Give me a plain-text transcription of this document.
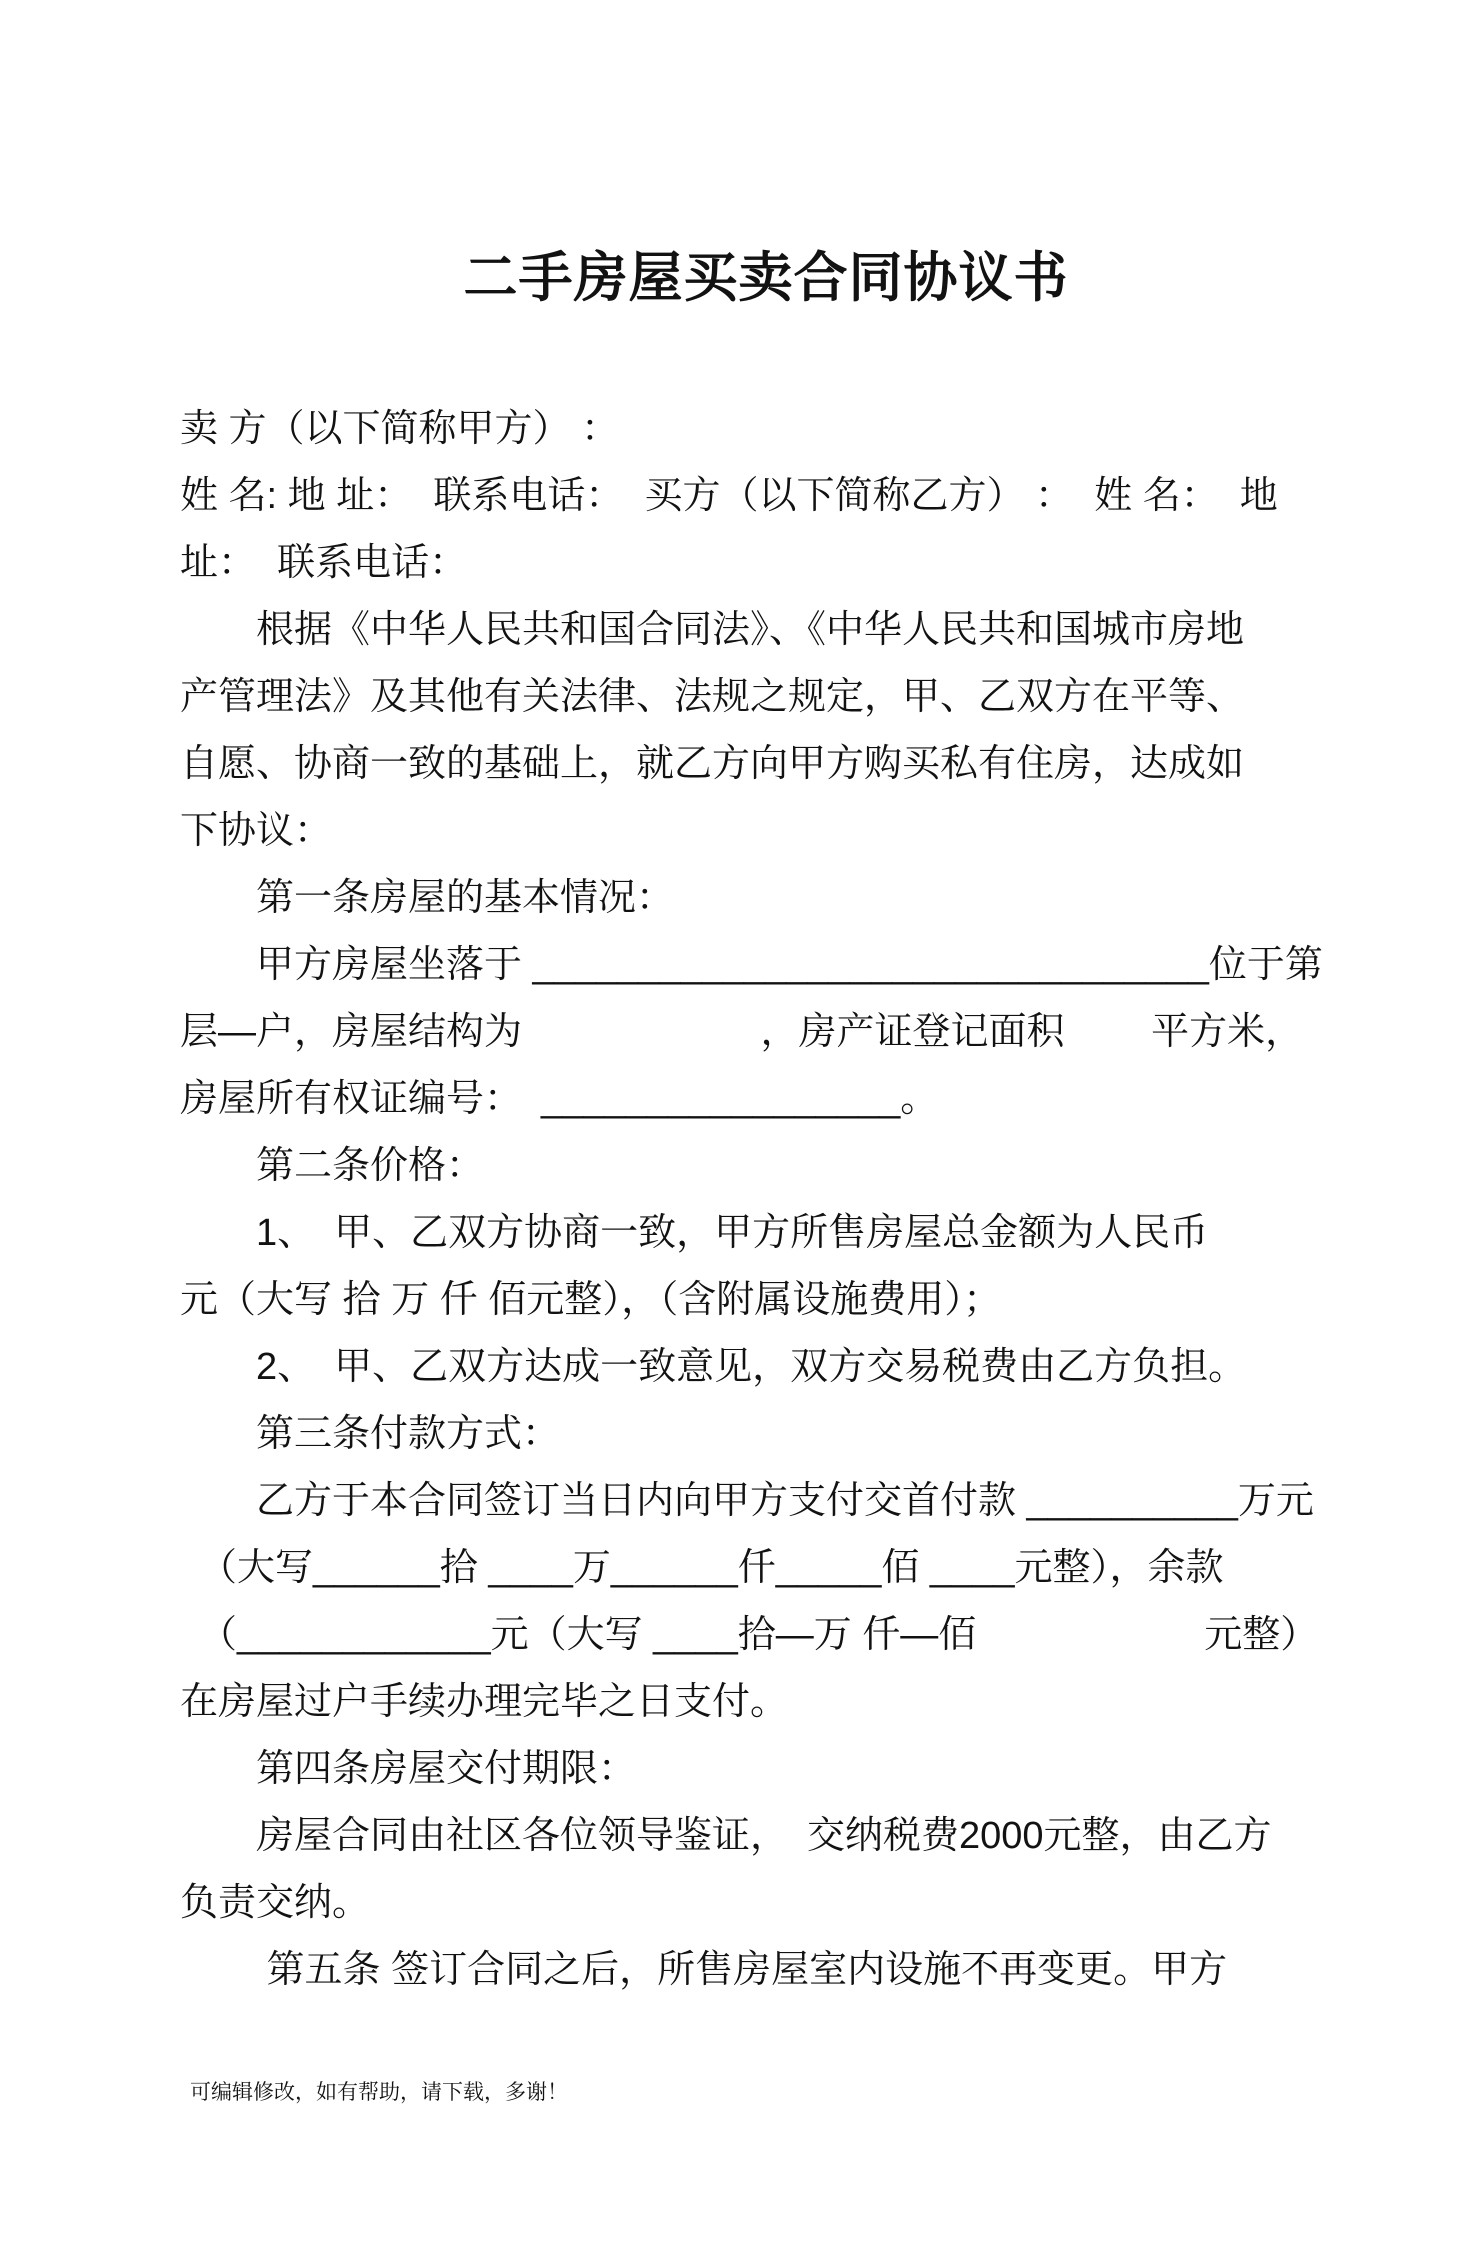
二手房屋买卖合同协议书
卖 方（以下简称甲方） ：
姓 名: 地 址：  联系电话：  买方（以下简称乙方） ：  姓 名：  地
址：  联系电话：
　　根据《中华人民共和国合同法》、《中华人民共和国城市房地
产管理法》及其他有关法律、法规之规定，甲、乙双方在平等、
自愿、协商一致的基础上，就乙方向甲方购买私有住房，达成如
下协议：
　　第一条房屋的基本情况：
　　甲方房屋坐落于 ________________________________位于第
层—户，房屋结构为　　　　　　 ，房产证登记面积　　 平方米，
房屋所有权证编号：　_________________。
　　第二条价格：
　　1、　甲、乙双方协商一致，甲方所售房屋总金额为人民币
元（大写 拾 万 仟 佰元整），（含附属设施费用）；
　　2、　甲、乙双方达成一致意见，双方交易税费由乙方负担。
　　第三条付款方式：
　　乙方于本合同签订当日内向甲方支付交首付款 __________万元
　（大写______拾 ____万______仟_____佰 ____元整），余款
　（____________元（大写 ____拾—万 仟—佰　　　　　　元整）
在房屋过户手续办理完毕之日支付。
　　第四条房屋交付期限：
　　房屋合同由社区各位领导鉴证，　交纳税费2000元整，由乙方
负责交纳。
　　 第五条 签订合同之后，所售房屋室内设施不再变更。甲方
可编辑修改，如有帮助，请下载，多谢！
